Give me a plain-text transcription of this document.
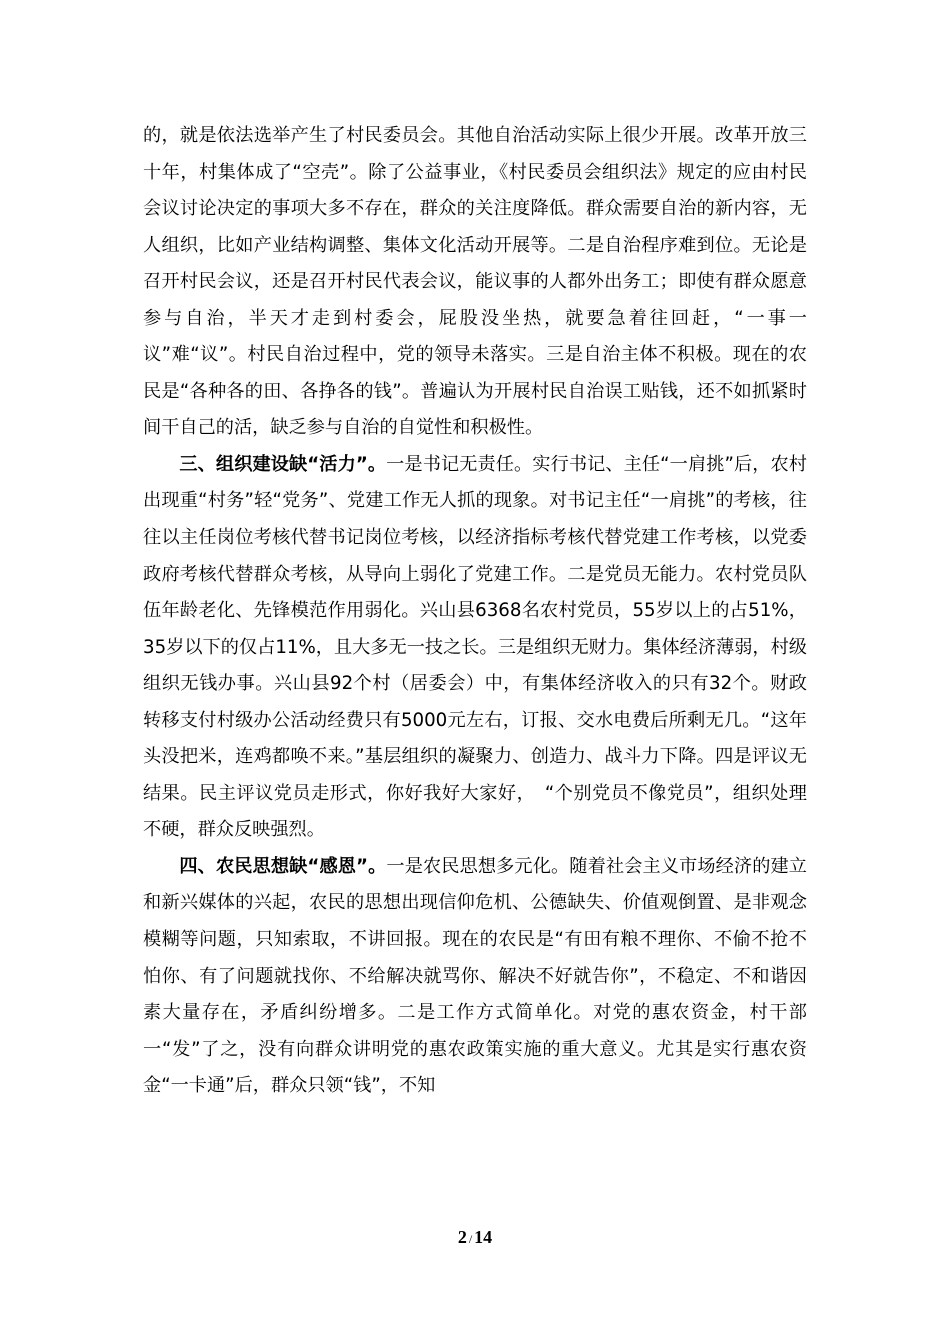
的，就是依法选举产生了村民委员会。其他自治活动实际上很少开展。改革开放三十年，村集体成了“空壳”。除了公益事业，《村民委员会组织法》规定的应由村民会议讨论决定的事项大多不存在，群众的关注度降低。群众需要自治的新内容，无人组织，比如产业结构调整、集体文化活动开展等。二是自治程序难到位。无论是召开村民会议，还是召开村民代表会议，能议事的人都外出务工；即使有群众愿意参与自治，半天才走到村委会，屁股没坐热，就要急着往回赶，“一事一议”难“议”。村民自治过程中，党的领导未落实。三是自治主体不积极。现在的农民是“各种各的田、各挣各的钱”。普遍认为开展村民自治误工贴钱，还不如抓紧时间干自己的活，缺乏参与自治的自觉性和积极性。

三、组织建设缺“活力”。一是书记无责任。实行书记、主任“一肩挑”后，农村出现重“村务”轻“党务”、党建工作无人抓的现象。对书记主任“一肩挑”的考核，往往以主任岗位考核代替书记岗位考核，以经济指标考核代替党建工作考核，以党委政府考核代替群众考核，从导向上弱化了党建工作。二是党员无能力。农村党员队伍年龄老化、先锋模范作用弱化。兴山县6368名农村党员，55岁以上的占51%，35岁以下的仅占11%，且大多无一技之长。三是组织无财力。集体经济薄弱，村级组织无钱办事。兴山县92个村（居委会）中，有集体经济收入的只有32个。财政转移支付村级办公活动经费只有5000元左右，订报、交水电费后所剩无几。“这年头没把米，连鸡都唤不来。”基层组织的凝聚力、创造力、战斗力下降。四是评议无结果。民主评议党员走形式，你好我好大家好，　“个别党员不像党员”，组织处理不硬，群众反映强烈。

四、农民思想缺“感恩”。一是农民思想多元化。随着社会主义市场经济的建立和新兴媒体的兴起，农民的思想出现信仰危机、公德缺失、价值观倒置、是非观念模糊等问题，只知索取，不讲回报。现在的农民是“有田有粮不理你、不偷不抢不怕你、有了问题就找你、不给解决就骂你、解决不好就告你”，不稳定、不和谐因素大量存在，矛盾纠纷增多。二是工作方式简单化。对党的惠农资金，村干部一“发”了之，没有向群众讲明党的惠农政策实施的重大意义。尤其是实行惠农资金“一卡通”后，群众只领“钱”，不知

2 / 14
